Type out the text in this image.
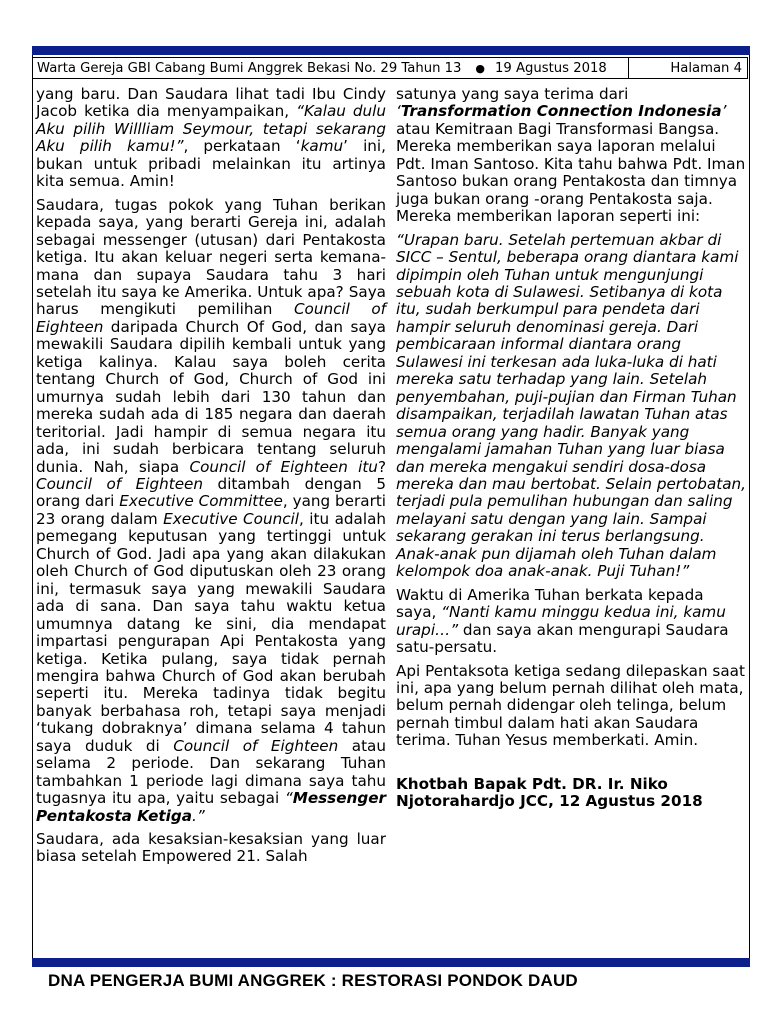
Warta Gereja GBI Cabang Bumi Anggrek Bekasi No. 29 Tahun 13 ● 19 Agustus 2018	Halaman 4

yang baru. Dan Saudara lihat tadi Ibu Cindy Jacob ketika dia menyampaikan, “Kalau dulu Aku pilih Willliam Seymour, tetapi sekarang Aku pilih kamu!”, perkataan ‘kamu’ ini, bukan untuk pribadi melainkan itu artinya kita semua. Amin!

Saudara, tugas pokok yang Tuhan berikan kepada saya, yang berarti Gereja ini, adalah sebagai messenger (utusan) dari Pentakosta ketiga. Itu akan keluar negeri serta kemana-mana dan supaya Saudara tahu 3 hari setelah itu saya ke Amerika. Untuk apa? Saya harus mengikuti pemilihan Council of Eighteen daripada Church Of God, dan saya mewakili Saudara dipilih kembali untuk yang ketiga kalinya. Kalau saya boleh cerita tentang Church of God, Church of God ini umurnya sudah lebih dari 130 tahun dan mereka sudah ada di 185 negara dan daerah teritorial. Jadi hampir di semua negara itu ada, ini sudah berbicara tentang seluruh dunia. Nah, siapa Council of Eighteen itu? Council of Eighteen ditambah dengan 5 orang dari Executive Committee, yang berarti 23 orang dalam Executive Council, itu adalah pemegang keputusan yang tertinggi untuk Church of God. Jadi apa yang akan dilakukan oleh Church of God diputuskan oleh 23 orang ini, termasuk saya yang mewakili Saudara ada di sana. Dan saya tahu waktu ketua umumnya datang ke sini, dia mendapat impartasi pengurapan Api Pentakosta yang ketiga. Ketika pulang, saya tidak pernah mengira bahwa Church of God akan berubah seperti itu. Mereka tadinya tidak begitu banyak berbahasa roh, tetapi saya menjadi ‘tukang dobraknya’ dimana selama 4 tahun saya duduk di Council of Eighteen atau selama 2 periode. Dan sekarang Tuhan tambahkan 1 periode lagi dimana saya tahu tugasnya itu apa, yaitu sebagai “Messenger Pentakosta Ketiga.”

Saudara, ada kesaksian-kesaksian yang luar biasa setelah Empowered 21. Salah

satunya yang saya terima dari ‘Transformation Connection Indonesia’ atau Kemitraan Bagi Transformasi Bangsa. Mereka memberikan saya laporan melalui Pdt. Iman Santoso. Kita tahu bahwa Pdt. Iman Santoso bukan orang Pentakosta dan timnya juga bukan orang -orang Pentakosta saja. Mereka memberikan laporan seperti ini:

“Urapan baru. Setelah pertemuan akbar di SICC – Sentul, beberapa orang diantara kami dipimpin oleh Tuhan untuk mengunjungi sebuah kota di Sulawesi. Setibanya di kota itu, sudah berkumpul para pendeta dari hampir seluruh denominasi gereja. Dari pembicaraan informal diantara orang Sulawesi ini terkesan ada luka-luka di hati mereka satu terhadap yang lain. Setelah penyembahan, puji-pujian dan Firman Tuhan disampaikan, terjadilah lawatan Tuhan atas semua orang yang hadir. Banyak yang mengalami jamahan Tuhan yang luar biasa dan mereka mengakui sendiri dosa-dosa mereka dan mau bertobat. Selain pertobatan, terjadi pula pemulihan hubungan dan saling melayani satu dengan yang lain. Sampai sekarang gerakan ini terus berlangsung. Anak-anak pun dijamah oleh Tuhan dalam kelompok doa anak-anak. Puji Tuhan!”

Waktu di Amerika Tuhan berkata kepada saya, “Nanti kamu minggu kedua ini, kamu urapi…” dan saya akan mengurapi Saudara satu-persatu.

Api Pentaksota ketiga sedang dilepaskan saat ini, apa yang belum pernah dilihat oleh mata, belum pernah didengar oleh telinga, belum pernah timbul dalam hati akan Saudara terima. Tuhan Yesus memberkati. Amin.

Khotbah Bapak Pdt. DR. Ir. Niko Njotorahardjo JCC, 12 Agustus 2018

DNA PENGERJA BUMI ANGGREK : RESTORASI PONDOK DAUD
